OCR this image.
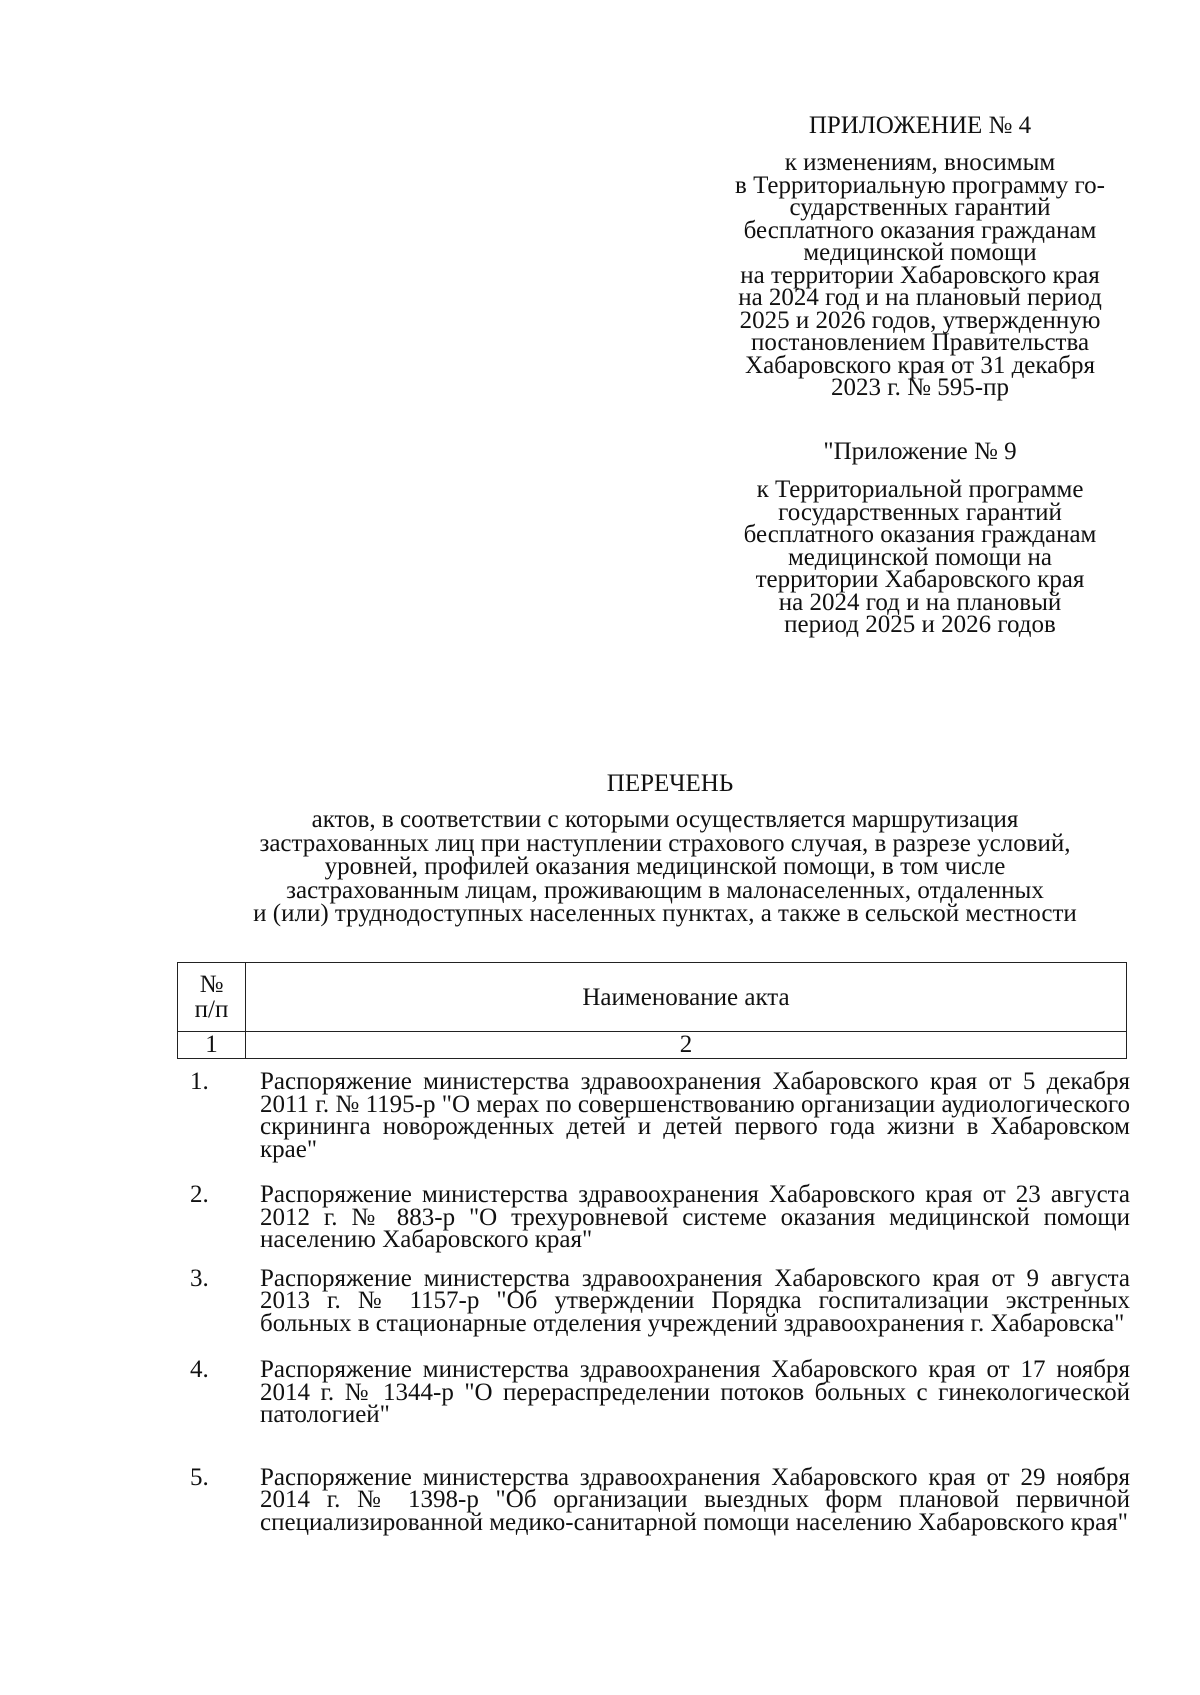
ПРИЛОЖЕНИЕ № 4
к изменениям, вносимым
в Территориальную программу го-
сударственных гарантий
бесплатного оказания гражданам
медицинской помощи
на территории Хабаровского края
на 2024 год и на плановый период
2025 и 2026 годов, утвержденную
постановлением Правительства
Хабаровского края от 31 декабря
2023 г. № 595-пр
"Приложение № 9
к Территориальной программе
государственных гарантий
бесплатного оказания гражданам
медицинской помощи на
территории Хабаровского края
на 2024 год и на плановый
период 2025 и 2026 годов
ПЕРЕЧЕНЬ
актов, в соответствии с которыми осуществляется маршрутизация
застрахованных лиц при наступлении страхового случая, в разрезе условий,
уровней, профилей оказания медицинской помощи, в том числе
застрахованным лицам, проживающим в малонаселенных, отдаленных
и (или) труднодоступных населенных пунктах, а также в сельской местности
№
п/п	Наименование акта
1	2
1.	Распоряжение министерства здравоохранения Хабаровского края от 5 декабря 2011 г. № 1195-р "О мерах по совершенствованию организации аудиологического скрининга новорожденных детей и детей первого года жизни в Хабаровском крае"
2.	Распоряжение министерства здравоохранения Хабаровского края от 23 августа 2012 г. № 883-р "О трехуровневой системе оказания медицинской помощи населению Хабаровского края"
3.	Распоряжение министерства здравоохранения Хабаровского края от 9 августа 2013 г. № 1157-р "Об утверждении Порядка госпитализации экстренных больных в стационарные отделения учреждений здравоохранения г. Хабаровска"
4.	Распоряжение министерства здравоохранения Хабаровского края от 17 ноября 2014 г. № 1344-р "О перераспределении потоков больных с гинекологической патологией"
5.	Распоряжение министерства здравоохранения Хабаровского края от 29 ноября 2014 г. № 1398-р "Об организации выездных форм плановой первичной специализированной медико-санитарной помощи населению Хабаровского края"
